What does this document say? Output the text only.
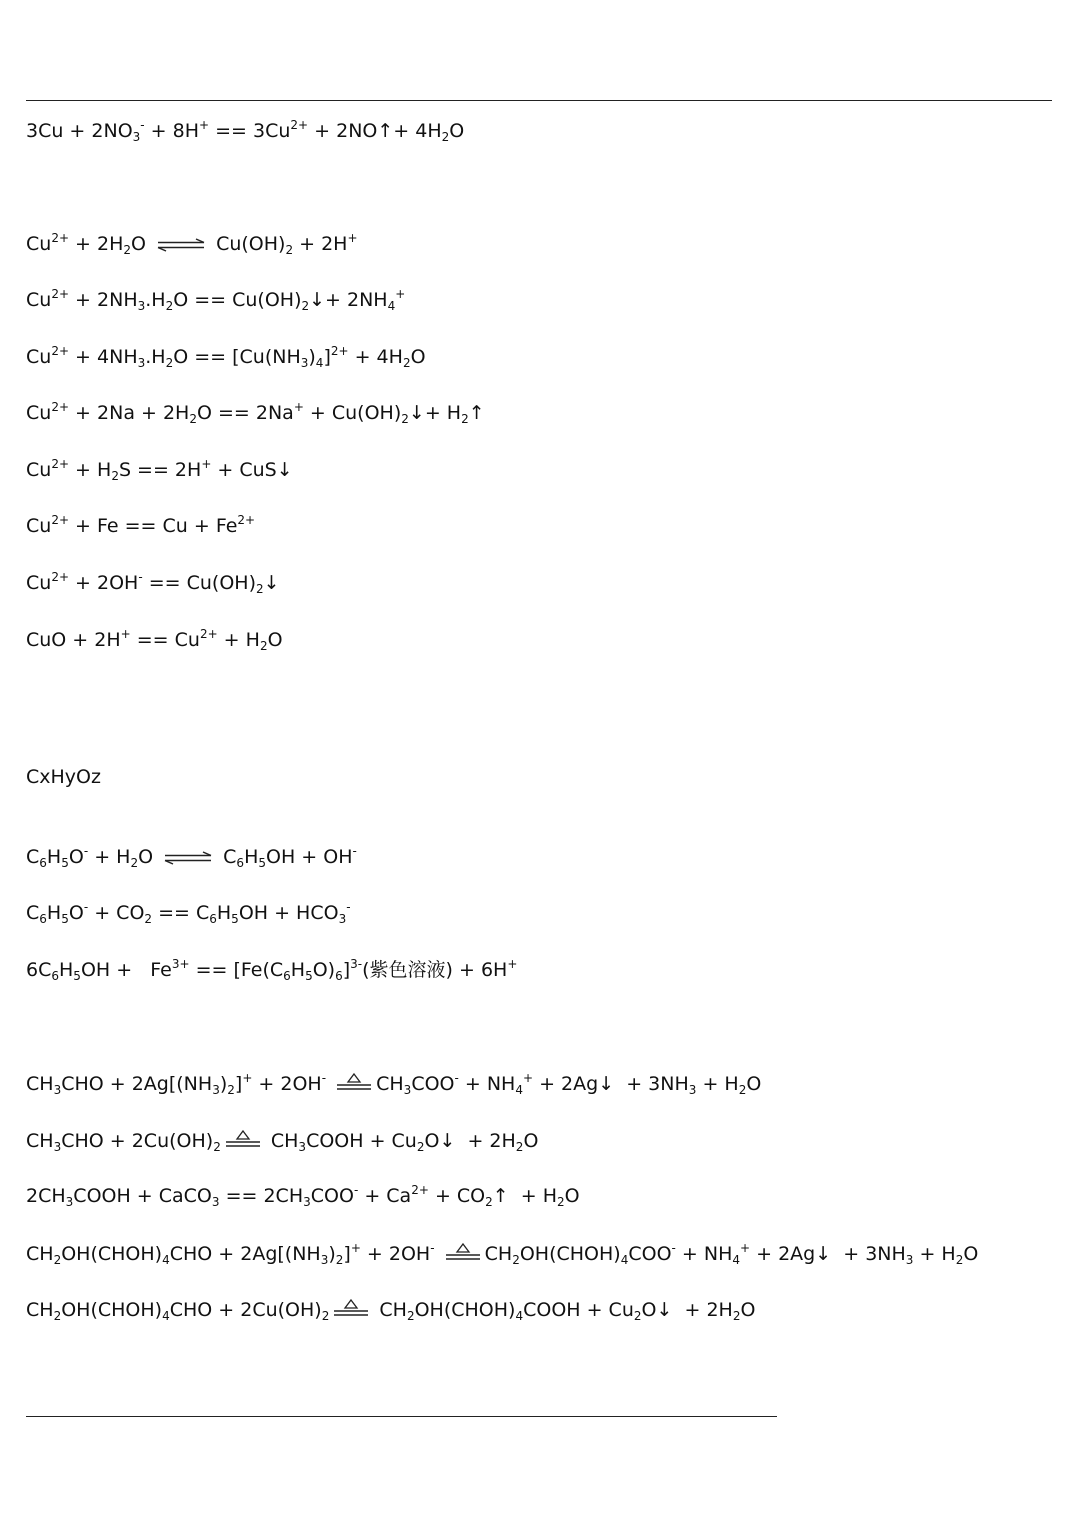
$3Cu + 2NO_3^- + 8H^+ == 3Cu^{2+}$ + 2NO↑+ $4H_2O$
$Cu^{2+} + 2H_2O$ ⇌ $Cu(OH)_2 + 2H^+$
$Cu^{2+} + 2NH_3.H_2O$ == $Cu(OH)_2↓+ 2NH_4^+$
$Cu^{2+} + 4NH_3.H_2O == [Cu(NH_3)_4]^{2+} + 4H_2O$
$Cu^{2+} + 2Na + 2H_2O == 2Na^+$ + $Cu(OH)_2↓+$ $H_2↑$
$Cu^{2+} + H_2S == 2H^+$ + CuS↓
$Cu^{2+} + Fe == Cu + Fe^{2+}$
$Cu^{2+} + 2OH^-$ == $Cu(OH)_2↓$
CuO + $2H^+ == Cu^{2+} + H_2O$
$C_6H_5O^- + H_2O$ ⇌ $C_6H_5OH + OH^-$
$C_6H_5O^- + CO_2 == C_6H_5OH + HCO_3^-$
$6C_6H_5OH + Fe^{3+} == [Fe(C_6H_5O)_6]^{3-}$(紫色溶液) + 6H+
$CH_3CHO + 2Ag[(NH_3)_2]^+ + 2OH^-$	$CH_3COO^- + NH_4^+$ + 2Ag↓  + $3NH_3 + H_2O$
$CH_3CHO + 2Cu(OH)_2$ $CH_3COOH$ + $Cu_2O↓ + 2H_2O$
$2CH_3COOH$ + CaCO$_3$ == $2CH_3COO^- + Ca^{2+}$ + $CO_2↑ + H_2O$
$CH_2OH(CHOH)_4CHO + 2Ag[(NH_3)_2]^+ + 2OH^-$	$CH_2OH(CHOH)_4COO^- + NH_4^+$ + 2Ag↓  + $3NH_3 + H_2O$
$CH_2OH(CHOH)_4CHO + 2Cu(OH)_2$ $CH_2OH(CHOH)_4COOH$ + $Cu_2O↓ + 2H_2O$
CxHyOz
